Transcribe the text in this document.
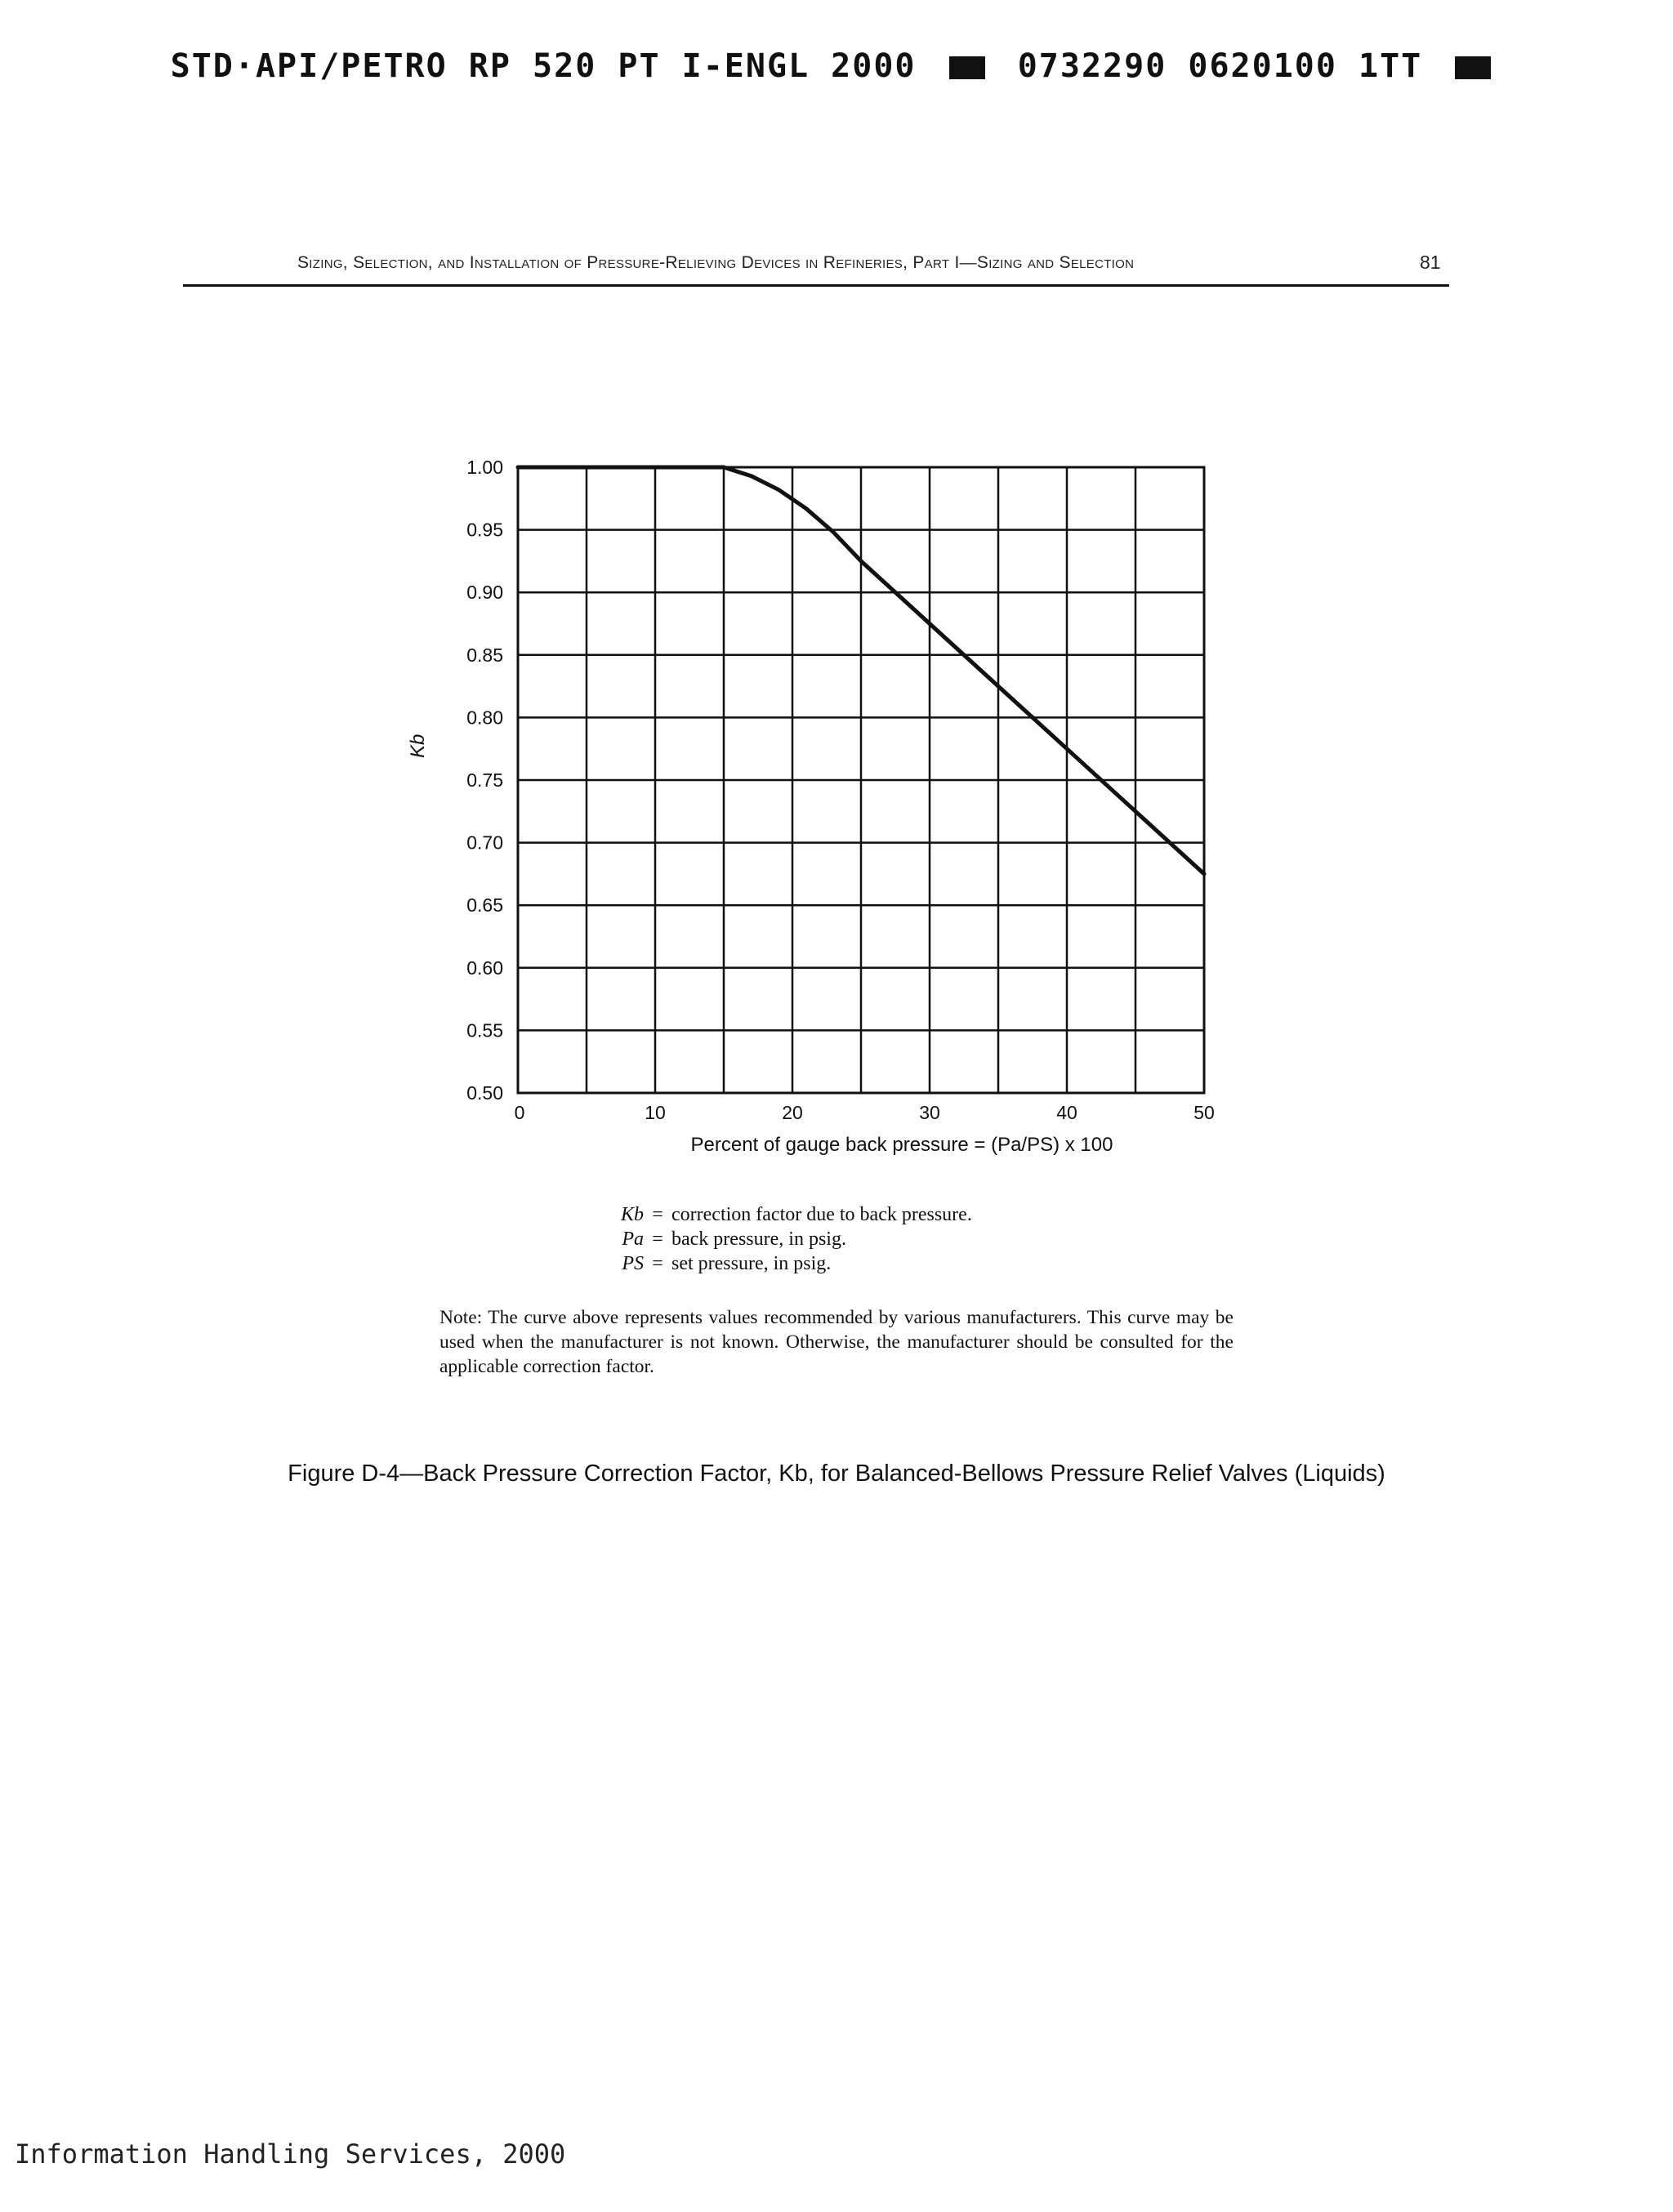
STD·API/PETRO RP 520 PT I-ENGL 2000	0732290 0620100 1TT
Sizing, Selection, and Installation of Pressure-Relieving Devices in Refineries, Part I—Sizing and Selection	81
0.50
0.55
0.60
0.65
0.70
0.75
0.80
0.85
0.90
0.95
1.00
0	10	20	30	40	50
Kb
Percent of gauge back pressure = (Pa/PS) x 100
Kb = correction factor due to back pressure.
Pa = back pressure, in psig.
PS = set pressure, in psig.
Note: The curve above represents values recommended by various manufacturers. This curve may be used when the manufacturer is not known. Otherwise, the manufacturer should be consulted for the applicable correction factor.
Figure D-4—Back Pressure Correction Factor, Kb, for Balanced-Bellows Pressure Relief Valves (Liquids)
Information Handling Services, 2000
